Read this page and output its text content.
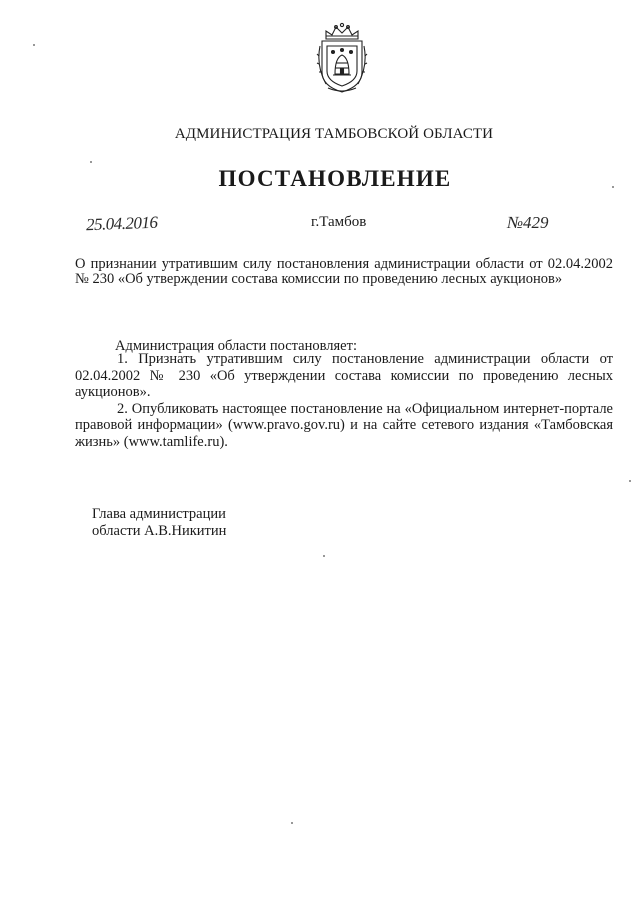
АДМИНИСТРАЦИЯ ТАМБОВСКОЙ ОБЛАСТИ
ПОСТАНОВЛЕНИЕ
25.04.2016	г.Тамбов	№429
О признании утратившим силу постановления администрации области от 02.04.2002 № 230 «Об утверждении состава комиссии по проведению лесных аукционов»
Администрация области постановляет:

1. Признать утратившим силу постановление администрации области от 02.04.2002 № 230 «Об утверждении состава комиссии по проведению лесных аукционов».

2. Опубликовать настоящее постановление на «Официальном интернет-портале правовой информации» (www.pravo.gov.ru) и на сайте сетевого издания «Тамбовская жизнь» (www.tamlife.ru).

Глава администрации
области А.В.Никитин
